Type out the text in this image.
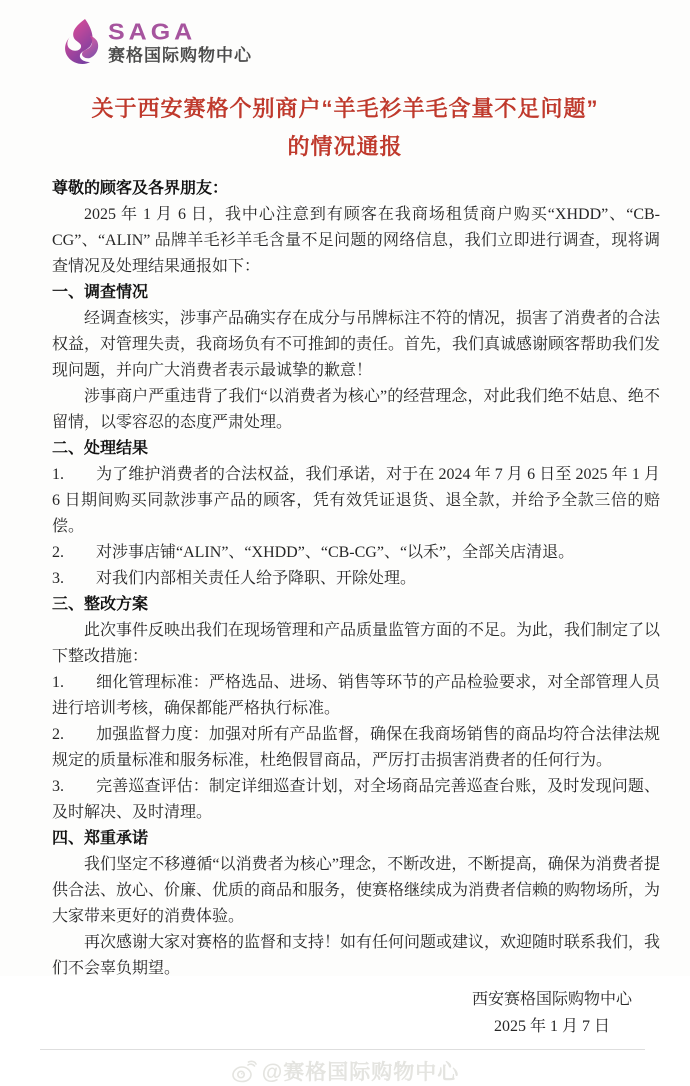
SAGA
赛格国际购物中心
关于西安赛格个别商户“羊毛衫羊毛含量不足问题”
的情况通报

尊敬的顾客及各界朋友：

2025 年 1 月 6 日，我中心注意到有顾客在我商场租赁商户购买“XHDD”、“CB-CG”、“ALIN” 品牌羊毛衫羊毛含量不足问题的网络信息，我们立即进行调查，现将调查情况及处理结果通报如下：

一、调查情况

经调查核实，涉事产品确实存在成分与吊牌标注不符的情况，损害了消费者的合法权益，对管理失责，我商场负有不可推卸的责任。首先，我们真诚感谢顾客帮助我们发现问题，并向广大消费者表示最诚挚的歉意！

涉事商户严重违背了我们“以消费者为核心”的经营理念，对此我们绝不姑息、绝不留情，以零容忍的态度严肃处理。

二、处理结果

1. 为了维护消费者的合法权益，我们承诺，对于在 2024 年 7 月 6 日至 2025 年 1 月 6 日期间购买同款涉事产品的顾客，凭有效凭证退货、退全款，并给予全款三倍的赔偿。

2. 对涉事店铺“ALIN”、“XHDD”、“CB-CG”、“以禾”，全部关店清退。

3. 对我们内部相关责任人给予降职、开除处理。

三、整改方案

此次事件反映出我们在现场管理和产品质量监管方面的不足。为此，我们制定了以下整改措施：

1. 细化管理标准：严格选品、进场、销售等环节的产品检验要求，对全部管理人员进行培训考核，确保都能严格执行标准。

2. 加强监督力度：加强对所有产品监督，确保在我商场销售的商品均符合法律法规规定的质量标准和服务标准，杜绝假冒商品，严厉打击损害消费者的任何行为。

3. 完善巡查评估：制定详细巡查计划，对全场商品完善巡查台账，及时发现问题、及时解决、及时清理。

四、郑重承诺

我们坚定不移遵循“以消费者为核心”理念，不断改进，不断提高，确保为消费者提供合法、放心、价廉、优质的商品和服务，使赛格继续成为消费者信赖的购物场所，为大家带来更好的消费体验。

再次感谢大家对赛格的监督和支持！如有任何问题或建议，欢迎随时联系我们，我们不会辜负期望。

西安赛格国际购物中心
2025 年 1 月 7 日
@赛格国际购物中心
